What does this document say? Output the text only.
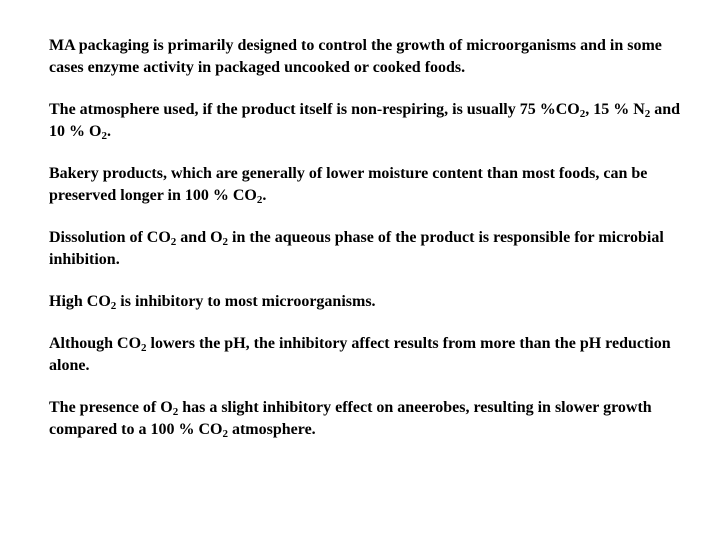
MA packaging is primarily designed to control the growth of microorganisms and in some cases enzyme activity in packaged uncooked or cooked foods.

The atmosphere used, if the product itself is non-respiring, is usually 75 $\%CO_2$, 15 % $N_2$ and 10 % $O_2$.

Bakery products, which are generally of lower moisture content than most foods, can be preserved longer in 100 % $CO_2$.

Dissolution of $CO_2$ and $O_2$ in the aqueous phase of the product is responsible for microbial inhibition.

High $CO_2$ is inhibitory to most microorganisms.

Although $CO_2$ lowers the pH, the inhibitory affect results from more than the pH reduction alone.

The presence of $O_2$ has a slight inhibitory effect on aneerobes, resulting in slower growth compared to a 100 % $CO_2$ atmosphere.
